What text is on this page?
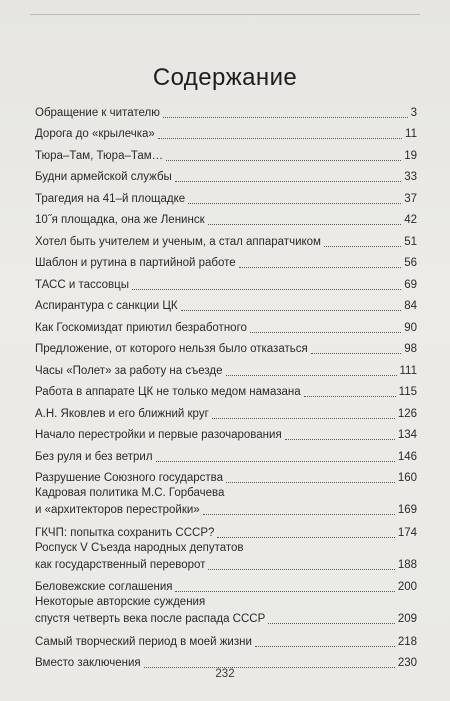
Содержание
Обращение к читателю	3
Дорога до «крылечка»	11
Тюра–Там, Тюра–Там…	19
Будни армейской службы	33
Трагедия на 41–й площадке	37
10˝я площадка, она же Ленинск	42
Хотел быть учителем и ученым, а стал аппаратчиком	51
Шаблон и рутина в партийной работе	56
ТАСС и тассовцы	69
Аспирантура с санкции ЦК	84
Как Госкомиздат приютил безработного	90
Предложение, от которого нельзя было отказаться	98
Часы «Полет» за работу на съезде	111
Работа в аппарате ЦК не только медом намазана	115
А.Н. Яковлев и его ближний круг	126
Начало перестройки и первые разочарования	134
Без руля и без ветрил	146
Разрушение Союзного государства	160
Кадровая политика М.С. Горбачева
и «архитекторов перестройки»	169
ГКЧП: попытка сохранить СССР?	174
Роспуск V Съезда народных депутатов
как государственный переворот	188
Беловежские соглашения	200
Некоторые авторские суждения
спустя четверть века после распада СССР	209
Самый творческий период в моей жизни	218
Вместо заключения	230
232
